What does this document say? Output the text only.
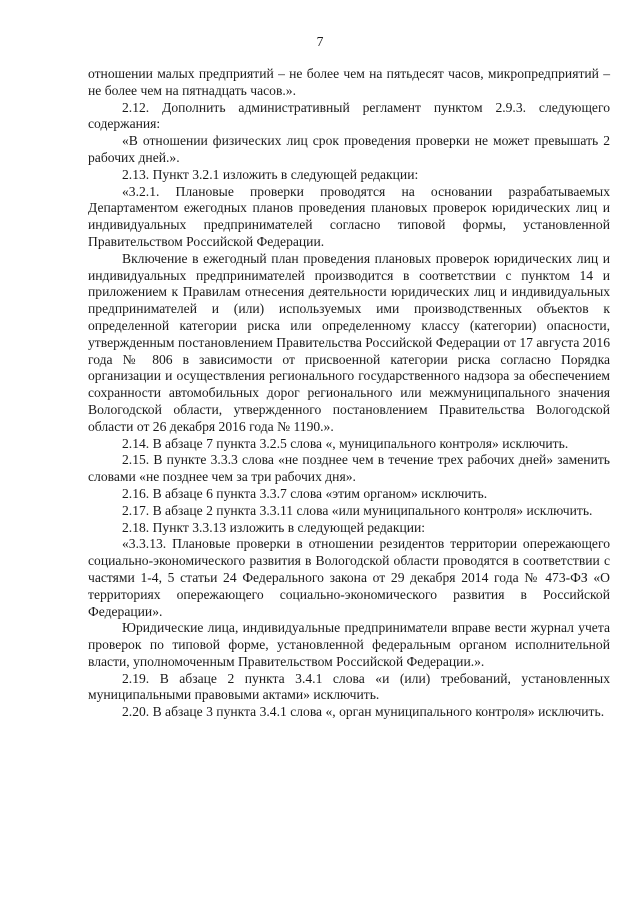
7

отношении малых предприятий – не более чем на пятьдесят часов, микропредприятий – не более чем на пятнадцать часов.».

2.12. Дополнить административный регламент пунктом 2.9.3. следующего содержания:

«В отношении физических лиц срок проведения проверки не может превышать 2 рабочих дней.».

2.13. Пункт 3.2.1 изложить в следующей редакции:

«3.2.1. Плановые проверки проводятся на основании разрабатываемых Департаментом ежегодных планов проведения плановых проверок юридических лиц и индивидуальных предпринимателей согласно типовой формы, установленной Правительством Российской Федерации.

Включение в ежегодный план проведения плановых проверок юридических лиц и индивидуальных предпринимателей производится в соответствии с пунктом 14 и приложением к Правилам отнесения деятельности юридических лиц и индивидуальных предпринимателей и (или) используемых ими производственных объектов к определенной категории риска или определенному классу (категории) опасности, утвержденным постановлением Правительства Российской Федерации от 17 августа 2016 года № 806 в зависимости от присвоенной категории риска согласно Порядка организации и осуществления регионального государственного надзора за обеспечением сохранности автомобильных дорог регионального или межмуниципального значения Вологодской области, утвержденного постановлением Правительства Вологодской области от 26 декабря 2016 года № 1190.».

2.14. В абзаце 7 пункта 3.2.5 слова «, муниципального контроля» исключить.

2.15. В пункте 3.3.3 слова «не позднее чем в течение трех рабочих дней» заменить словами «не позднее чем за три рабочих дня».

2.16. В абзаце 6 пункта 3.3.7 слова «этим органом» исключить.

2.17. В абзаце 2 пункта 3.3.11 слова «или муниципального контроля» исключить.

2.18. Пункт 3.3.13 изложить в следующей редакции:

«3.3.13. Плановые проверки в отношении резидентов территории опережающего социально-экономического развития в Вологодской области проводятся в соответствии с частями 1-4, 5 статьи 24 Федерального закона от 29 декабря 2014 года № 473-ФЗ «О территориях опережающего социально-экономического развития в Российской Федерации».

Юридические лица, индивидуальные предприниматели вправе вести журнал учета проверок по типовой форме, установленной федеральным органом исполнительной власти, уполномоченным Правительством Российской Федерации.».

2.19. В абзаце 2 пункта 3.4.1 слова «и (или) требований, установленных муниципальными правовыми актами» исключить.

2.20. В абзаце 3 пункта 3.4.1 слова «, орган муниципального контроля» исключить.
